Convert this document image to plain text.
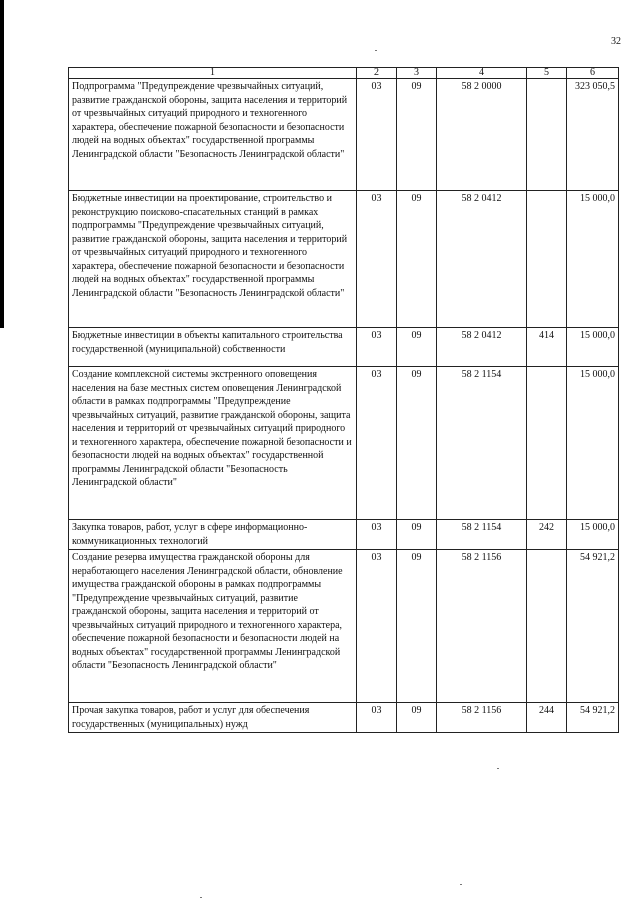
32
1	2	3	4	5	6
Подпрограмма "Предупреждение чрезвычайных ситуаций, развитие гражданской обороны, защита населения и территорий от чрезвычайных ситуаций природного и техногенного характера, обеспечение пожарной безопасности и безопасности людей на водных объектах" государственной программы Ленинградской области "Безопасность Ленинградской области"	03	09	58 2 0000		323 050,5
Бюджетные инвестиции на проектирование, строительство и реконструкцию поисково-спасательных станций в рамках подпрограммы "Предупреждение чрезвычайных ситуаций, развитие гражданской обороны, защита населения и территорий от чрезвычайных ситуаций природного и техногенного характера, обеспечение пожарной безопасности и безопасности людей на водных объектах" государственной программы Ленинградской области "Безопасность Ленинградской области"	03	09	58 2 0412		15 000,0
Бюджетные инвестиции в объекты капитального строительства государственной (муниципальной) собственности	03	09	58 2 0412	414	15 000,0
Создание комплексной системы экстренного оповещения населения на базе местных систем оповещения Ленинградской области в рамках подпрограммы "Предупреждение чрезвычайных ситуаций, развитие гражданской обороны, защита населения и территорий от чрезвычайных ситуаций природного и техногенного характера, обеспечение пожарной безопасности и безопасности людей на водных объектах" государственной программы Ленинградской области "Безопасность Ленинградской области"	03	09	58 2 1154		15 000,0
Закупка товаров, работ, услуг в сфере информационно-коммуникационных технологий	03	09	58 2 1154	242	15 000,0
Создание резерва имущества гражданской обороны для неработающего населения Ленинградской области, обновление имущества гражданской обороны в рамках подпрограммы "Предупреждение чрезвычайных ситуаций, развитие гражданской обороны, защита населения и территорий от чрезвычайных ситуаций природного и техногенного характера, обеспечение пожарной безопасности и безопасности людей на водных объектах" государственной программы Ленинградской области "Безопасность Ленинградской области"	03	09	58 2 1156		54 921,2
Прочая закупка товаров, работ и услуг для обеспечения государственных (муниципальных) нужд	03	09	58 2 1156	244	54 921,2
